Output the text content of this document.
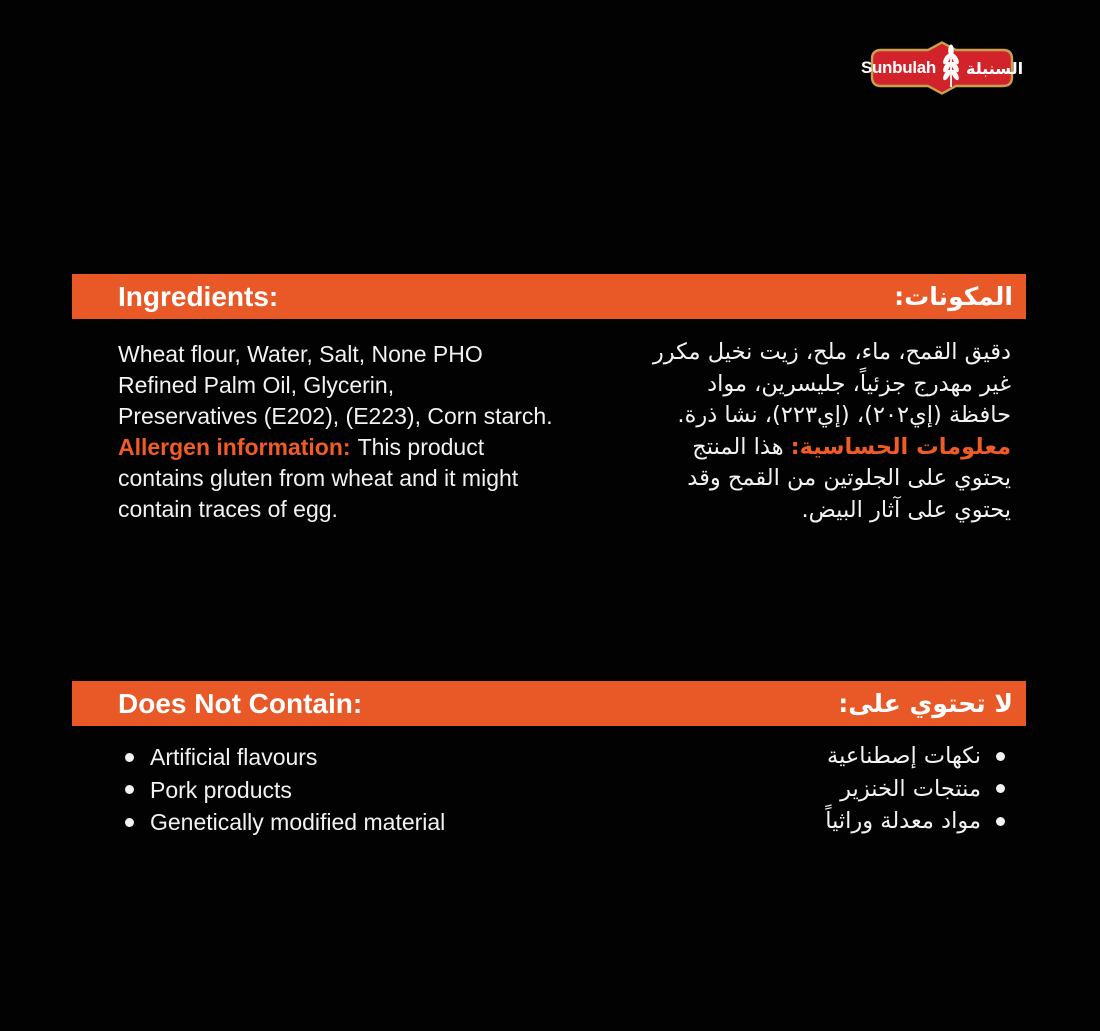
Sunbulah السنبلة
Ingredients:	المكونات:
Wheat flour, Water, Salt, None PHO
Refined Palm Oil, Glycerin,
Preservatives (E202), (E223), Corn starch.
Allergen information: This product
contains gluten from wheat and it might
contain traces of egg.
دقيق القمح، ماء، ملح، زيت نخيل مكرر
غير مهدرج جزئياً، جليسرين، مواد
حافظة (إي٢٠٢)، (إي٢٢٣)، نشا ذرة.
معلومات الحساسية:هذا المنتج
يحتوي على الجلوتين من القمح وقد
يحتوي على آثار البيض.
Does Not Contain:	لا تحتوي على:
Artificial flavours
Pork products
Genetically modified material
نكهات إصطناعية
منتجات الخنزير
مواد معدلة وراثياً
